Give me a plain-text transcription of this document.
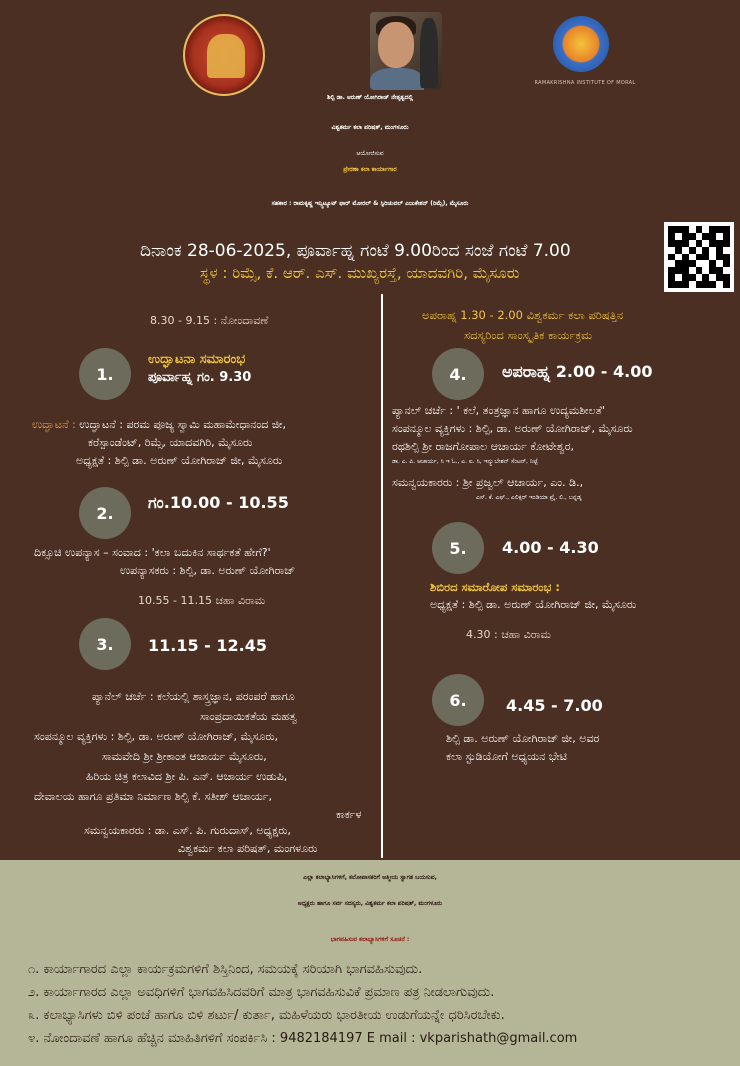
RAMAKRISHNA INSTITUTE OF MORAL
ಶಿಲ್ಪಿ ಡಾ. ಅರುಣ್ ಯೋಗಿರಾಜ್ ನೇತೃತ್ವದಲ್ಲಿ
ವಿಶ್ವಕರ್ಮ ಕಲಾ ಪರಿಷತ್, ಮಂಗಳೂರು
ಆಯೋಜಿಸುವ
ಪ್ರೇರಣಾ ಕಲಾ ಕಾರ್ಯಾಗಾರ
ಸಹಕಾರ : ರಾಮಕೃಷ್ಣ ಇನ್ಸ್ಟಿಟ್ಯೂಟ್ ಫಾರ್ ಮೋರಲ್ & ಸ್ಪಿರಿಚುವಲ್ ಎಜುಕೇಶನ್ (ರಿಮ್ಸೆ), ಮೈಸೂರು
ದಿನಾಂಕ 28-06-2025, ಪೂರ್ವಾಹ್ನ ಗಂಟೆ 9.00ರಿಂದ ಸಂಜೆ ಗಂಟೆ 7.00
ಸ್ಥಳ : ರಿಮ್ಸೆ, ಕೆ. ಆರ್. ಎಸ್. ಮುಖ್ಯರಸ್ತೆ, ಯಾದವಗಿರಿ, ಮೈಸೂರು
8.30 - 9.15 : ನೋಂದಾವಣೆ
1.
ಉದ್ಘಾಟನಾ ಸಮಾರಂಭ
ಪೂರ್ವಾಹ್ನ ಗಂ. 9.30
ಉದ್ಘಾಟನೆ : ಉದ್ಘಾಟನೆ : ಪರಮ ಪೂಜ್ಯ ಸ್ವಾಮಿ ಮಹಾಮೇಧಾನಂದ ಜೀ,
ಕರೆಸ್ಪಾಂಡೆಂಟ್, ರಿಮ್ಸೆ, ಯಾದವಗಿರಿ, ಮೈಸೂರು
ಅಧ್ಯಕ್ಷತೆ : ಶಿಲ್ಪಿ ಡಾ. ಅರುಣ್ ಯೋಗಿರಾಜ್ ಜೀ, ಮೈಸೂರು
2.
ಗಂ.10.00 - 10.55
ದಿಕ್ಸೂಚಿ ಉಪನ್ಯಾಸ – ಸಂವಾದ : 'ಕಲಾ ಬದುಕಿನ ಸಾರ್ಥಕತೆ ಹೇಗೆ?'
ಉಪನ್ಯಾಸಕರು : ಶಿಲ್ಪಿ, ಡಾ. ಅರುಣ್ ಯೋಗಿರಾಜ್
10.55 - 11.15 ಚಹಾ ವಿರಾಮ
3.	11.15 - 12.45
ಪ್ಯಾನೆಲ್ ಚರ್ಚೆ : ಕಲೆಯಲ್ಲಿ ಶಾಸ್ತ್ರಜ್ಞಾನ, ಪರಂಪರೆ ಹಾಗೂ
ಸಾಂಪ್ರದಾಯಿಕತೆಯ ಮಹತ್ವ
ಸಂಪನ್ಮೂಲ ವ್ಯಕ್ತಿಗಳು : ಶಿಲ್ಪಿ, ಡಾ. ಅರುಣ್ ಯೋಗಿರಾಜ್, ಮೈಸೂರು,
ಸಾಮವೇದಿ ಶ್ರೀ ಶ್ರೀಕಾಂತ ಆಚಾರ್ಯ ಮೈಸೂರು,
ಹಿರಿಯ ಚಿತ್ರ ಕಲಾವಿದ ಶ್ರೀ ಪಿ. ಎನ್. ಆಚಾರ್ಯ ಉಡುಪಿ,
ದೇವಾಲಯ ಹಾಗೂ ಪ್ರತಿಮಾ ನಿರ್ಮಾಣ ಶಿಲ್ಪಿ ಕೆ. ಸತೀಶ್ ಆಚಾರ್ಯ,
ಕಾರ್ಕಳ
ಸಮನ್ವಯಕಾರರು : ಡಾ. ಎಸ್. ಪಿ. ಗುರುದಾಸ್, ಅಧ್ಯಕ್ಷರು,
ವಿಶ್ವಕರ್ಮ ಕಲಾ ಪರಿಷತ್, ಮಂಗಳೂರು
ಅಪರಾಹ್ನ 1.30 - 2.00 ವಿಶ್ವಕರ್ಮ ಕಲಾ ಪರಿಷತ್ತಿನ
ಸದಸ್ಯರಿಂದ ಸಾಂಸ್ಕೃತಿಕ ಕಾರ್ಯಕ್ರಮ
4.	ಅಪರಾಹ್ನ 2.00 - 4.00
ಪ್ಯಾನಲ್ ಚರ್ಚೆ : ' ಕಲೆ, ತಂತ್ರಜ್ಞಾನ ಹಾಗೂ ಉದ್ಯಮಶೀಲತೆ'
ಸಂಪನ್ಮೂಲ ವ್ಯಕ್ತಿಗಳು : ಶಿಲ್ಪಿ, ಡಾ. ಅರುಣ್ ಯೋಗಿರಾಜ್, ಮೈಸೂರು
ರಥಶಿಲ್ಪಿ ಶ್ರೀ ರಾಜಗೋಪಾಲ ಆಚಾರ್ಯ ಕೋಟೇಶ್ವರ,
ಡಾ. ಎ. ಪಿ. ಆಚಾರ್ಯ, ಸಿ ಇ ಓ., ಎ. ಐ. ಸಿ, ಇನ್ಕ್ಯುಬೇಶನ್ ಸೆಂಟರ್, ನಿಟ್ಟೆ
ಸಮನ್ವಯಕಾರರು : ಶ್ರೀ ಪ್ರಜ್ವಲ್ ಆಚಾರ್ಯ, ಎಂ. ಡಿ.,
ಎಸ್. ಕೆ. ಎಫ್., ಎಲಿಕ್ಸರ್ ಇಂಡಿಯಾ ಪ್ರೈ. ಲಿ., ಬನ್ನಡ್ಕ
5.	4.00 - 4.30
ಶಿಬಿರದ ಸಮಾರೋಪ ಸಮಾರಂಭ :
ಅಧ್ಯಕ್ಷತೆ : ಶಿಲ್ಪಿ ಡಾ. ಅರುಣ್ ಯೋಗಿರಾಜ್ ಜೀ, ಮೈಸೂರು
4.30 : ಚಹಾ ವಿರಾಮ
6.	4.45 - 7.00
ಶಿಲ್ಪಿ ಡಾ. ಅರುಣ್ ಯೋಗಿರಾಜ್ ಜೀ, ಅವರ
ಕಲಾ ಸ್ಟುಡಿಯೋಗೆ ಅಧ್ಯಯನ ಭೇಟಿ
ಎಲ್ಲಾ ಕಲಾಭ್ಯಾಸಿಗಳಿಗೆ, ಕಲೋಪಾಸಕರಿಗೆ ಆತ್ಮೀಯ ಸ್ವಾಗತ ಬಯಸುವ,
ಅಧ್ಯಕ್ಷರು ಹಾಗೂ ಸರ್ವ ಸದಸ್ಯರು, ವಿಶ್ವಕರ್ಮ ಕಲಾ ಪರಿಷತ್, ಮಂಗಳೂರು
ಭಾಗವಹಿಸುವ ಕಲಾಭ್ಯಾಸಿಗಳಿಗೆ ಸೂಚನೆ :
೧. ಕಾರ್ಯಾಗಾರದ ಎಲ್ಲಾ ಕಾರ್ಯಕ್ರಮಗಳಿಗೆ ಶಿಸ್ತಿನಿಂದ, ಸಮಯಕ್ಕೆ ಸರಿಯಾಗಿ ಭಾಗವಹಿಸುವುದು.
೨. ಕಾರ್ಯಾಗಾರದ ಎಲ್ಲಾ ಅವಧಿಗಳಿಗೆ ಭಾಗವಹಿಸಿದವರಿಗೆ ಮಾತ್ರ ಭಾಗವಹಿಸುವಿಕೆ ಪ್ರಮಾಣ ಪತ್ರ ನೀಡಲಾಗುವುದು.
೩. ಕಲಾಭ್ಯಾಸಿಗಳು ಬಿಳಿ ಪಂಚೆ ಹಾಗೂ ಬಿಳಿ ಶರ್ಟು/ ಕುರ್ತಾ, ಮಹಿಳೆಯರು ಭಾರತೀಯ ಉಡುಗೆಯನ್ನೇ ಧರಿಸಿರಬೇಕು.
೪. ನೋಂದಾವಣೆ ಹಾಗೂ ಹೆಚ್ಚಿನ ಮಾಹಿತಿಗಳಿಗೆ ಸಂಪರ್ಕಿಸಿ : 9482184197 E mail : vkparishath@gmail.com
